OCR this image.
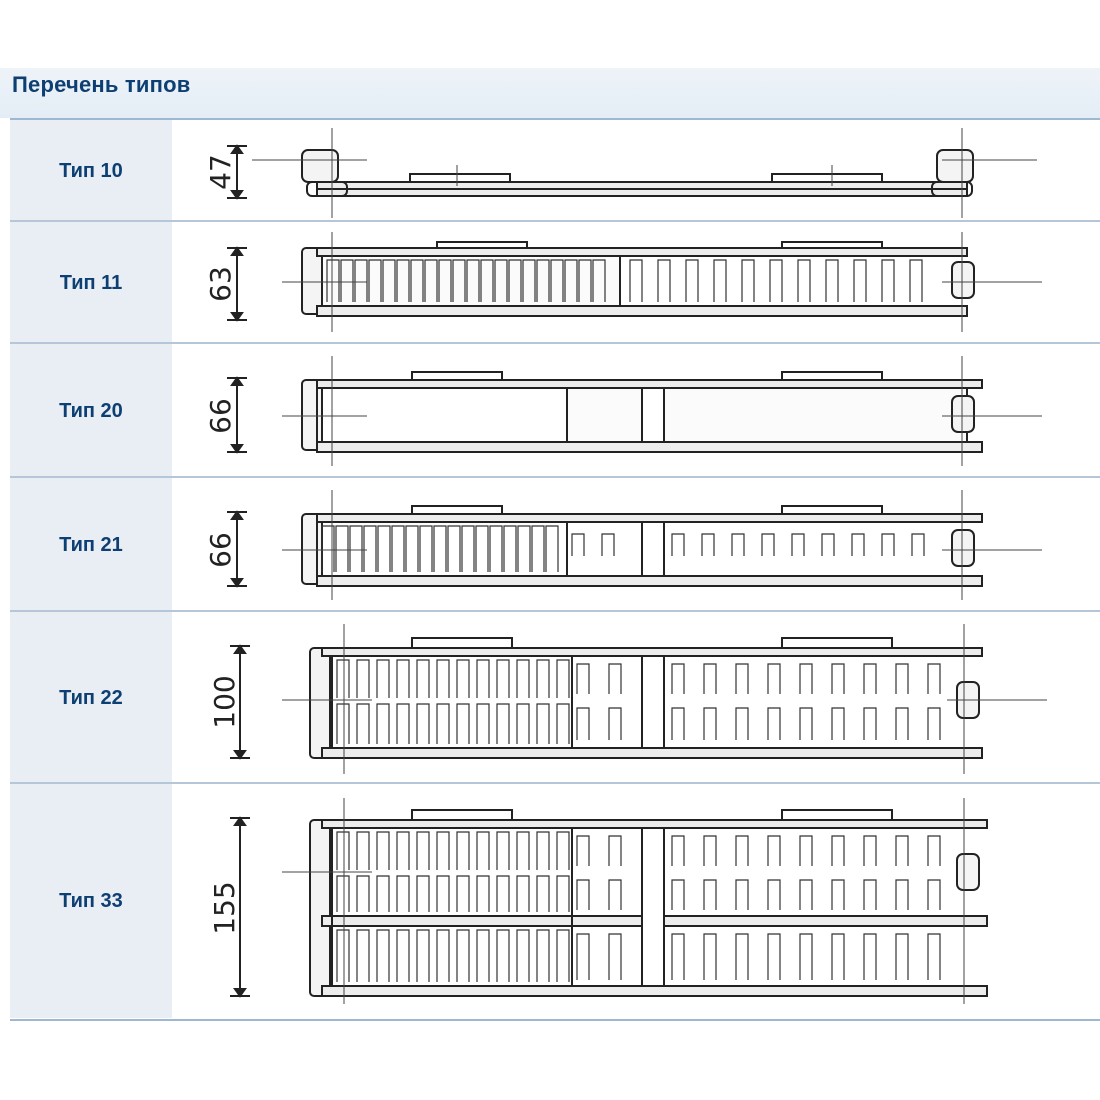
Перечень типов
Тип 10	47
Тип 11	63
Тип 20	66
Тип 21	66
Тип 22	100
Тип 33	155
